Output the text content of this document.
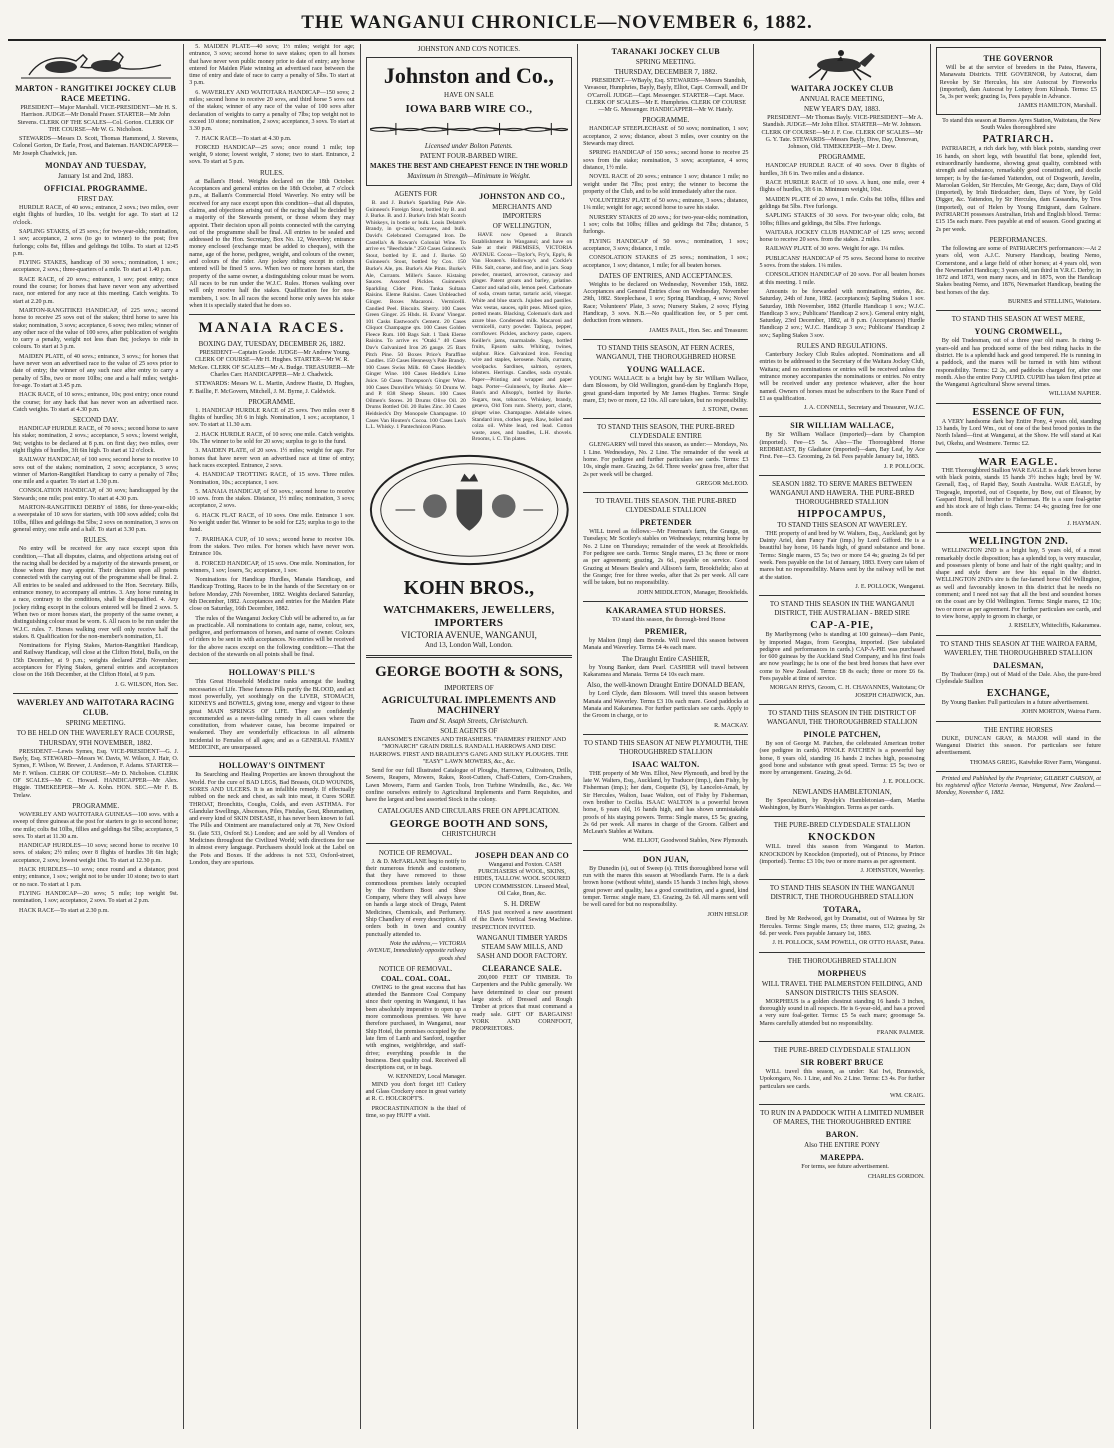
THE WANGANUI CHRONICLE—NOVEMBER 6, 1882.
MARTON - RANGITIKEI JOCKEY CLUB RACE MEETING.

PRESIDENT—Major Marshall. VICE-PRESIDENT—Mr H. S. Harrison. JUDGE—Mr Donald Fraser. STARTER—Mr John Stevens. CLERK OF THE SCALES—Col. Gorton. CLERK OF THE COURSE—Mr W. G. Nicholson.

STEWARDS—Messrs D. Scott, Thomas Hammond, J. Stevens, Colonel Gorton, Dr Earle, Frost, and Bateman. HANDICAPPER—Mr Joseph Chadwick, jun.

MONDAY AND TUESDAY,
January 1st and 2nd, 1883.
OFFICIAL PROGRAMME.
FIRST DAY.

HURDLE RACE, of 40 sovs.; entrance, 2 sovs.; two miles, over eight flights of hurdles, 10 lbs. weight for age. To start at 12 o'clock.

SAPLING STAKES, of 25 sovs.; for two-year-olds; nomination, 1 sov; acceptance, 2 sovs (to go to winner) to the post; five furlongs; colts 8st, fillies and geldings 8st 10lbs. To start at 12:45 p.m.

FLYING STAKES, handicap of 30 sovs.; nomination, 1 sov.; acceptance, 2 sovs.; three-quarters of a mile. To start at 1.40 p.m.

RACE RACE, of 20 sovs.; entrance, 1 sov; post entry; once round the course; for horses that have never won any advertised race, nor entered for any race at this meeting. Catch weights. To start at 2.20 p.m.

MARTON-RANGITIKEI HANDICAP, of 225 sovs.; second horse to receive 25 sovs out of the stakes; third horse to save his stake; nomination, 3 sovs; acceptance, 6 sovs; two miles; winner of any other race of the value of 100 sovs, after publication of weights to carry a penalty, weight not less than 8st; jockeys to ride in colours. To start at 3 p.m.

MAIDEN PLATE, of 40 sovs.; entrance, 3 sovs.; for horses that have never won an advertised race to the value of 25 sovs prior to date of entry; the winner of any such race after entry to carry a penalty of 5lbs, two or more 10lbs; one and a half miles; weight-for-age. To start at 3.45 p.m.

HACK RACE, of 10 sovs.; entrance, 10s; post entry; once round the course; for any hack that has never won an advertised race. Catch weights. To start at 4.30 p.m.

SECOND DAY.

HANDICAP HURDLE RACE, of 70 sovs.; second horse to save his stake; nomination, 2 sovs.; acceptance, 5 sovs.; lowest weight, 9st; weights to be declared at 8 p.m. on first day; two miles, over eight flights of hurdles, 3ft 6in high. To start at 12 o'clock.

RAILWAY HANDICAP, of 100 sovs; second horse to receive 10 sovs out of the stakes; nomination, 2 sovs; acceptance, 3 sovs; winner of Marton-Rangitikei Handicap to carry a penalty of 7lbs; one mile and a quarter. To start at 1.30 p.m.

CONSOLATION HANDICAP, of 30 sovs; handicapped by the Stewards; one mile; post entry. To start at 4.30 p.m.

MARTON-RANGITIKEI DERBY of 1886, for three-year-olds; a sweepstake of 10 sovs for starters, with 100 sovs added; colts 8st 10lbs, fillies and geldings 8st 5lbs; 2 sovs on nomination, 3 sovs on general entry; one mile and a half. To start at 3.30 p.m.

RULES.

No entry will be received for any race except upon this condition,—That all disputes, claims, and objections arising out of the racing shall be decided by a majority of the stewards present, or those whom they may appoint. Their decision upon all points connected with the carrying out of the programme shall be final. 2. All entries to be sealed and addressed to the Hon. Secretary. Bills, entrance money, to accompany all entries. 3. Any horse running in a race, contrary to the conditions, shall be disqualified. 4. Any jockey riding except in the colours entered will be fined 2 sovs. 5. When two or more horses start, the property of the same owner, a distinguishing colour must be worn. 6. All races to be run under the W.J.C. rules. 7. Horses walking over will only receive half the stakes. 8. Qualification for the non-member's nomination, £1.

Nominations for Flying Stakes, Marton-Rangitikei Handicap, and Railway Handicap, will close at the Clifton Hotel, Bulls, on the 15th December, at 9 p.m.; weights declared 25th November; acceptances for Flying Stakes, general entries and acceptances close on the 16th December, at the Clifton Hotel, at 9 p.m.

J. G. WILSON, Hon. Sec.
WAVERLEY AND WAITOTARA RACING CLUB.
SPRING MEETING.
TO BE HELD ON THE WAVERLEY RACE COURSE,
THURSDAY, 9TH NOVEMBER, 1882.

PRESIDENT—Lewis Symes, Esq. VICE-PRESIDENT—G. J. Bayly, Esq. STEWARD—Messrs W. Davis, W. Wilson, J. Hair, O. Symes, F. Wilson, W. Brewer, J. Anderson, F. Adams. STARTER—Mr F. Wilson. CLERK OF COURSE—Mr D. Nicholson. CLERK OF SCALES—Mr C. Howard. HANDICAPPER—Mr Alex. Higgie. TIMEKEEPER—Mr A. Kohn. HON. SEC.—Mr F. B. Trelaw.

PROGRAMME.

WAVERLEY AND WAITOTARA GUINEAS—100 sovs. with a sweep of three guineas at the post for starters to go to second horse; one mile; colts 8st 10lbs, fillies and geldings 8st 5lbs; acceptance, 5 sovs. To start at 11.30 a.m.

HANDICAP HURDLES—10 sovs; second horse to receive 10 sovs. of stakes; 2½ miles; over 8 flights of hurdles 3ft 6in high; acceptance, 2 sovs; lowest weight 10st. To start at 12.30 p.m.

HACK HURDLES—10 sovs; once round and a distance; post entry; entrance, 1 sov.; weight not to be under 10 stone; two to start or no race. To start at 1 p.m.

FLYING HANDICAP—20 sovs; 5 mile; top weight 9st. nomination, 1 sov; acceptance, 2 sovs. To start at 2 p.m.

HACK RACE—To start at 2.30 p.m.

5. MAIDEN PLATE—40 sovs; 1½ miles; weight for age; entrance, 3 sovs; second horse to save stakes; open to all horses that have never won public money prior to date of entry; any horse entered for Maiden Plate winning an advertised race between the time of entry and date of race to carry a penalty of 5lbs. To start at 3 p.m.

6. WAVERLEY AND WAITOTARA HANDICAP—150 sovs; 2 miles; second horse to receive 20 sovs, and third horse 5 sovs out of the stakes; winner of any race of the value of 100 sovs after declaration of weights to carry a penalty of 7lbs; top weight not to exceed 10 stone; nomination, 2 sovs; acceptance, 3 sovs. To start at 3.30 p.m.

7. HACK RACE—To start at 4.30 p.m.

FORCED HANDICAP—25 sovs; once round 1 mile; top weight, 9 stone; lowest weight, 7 stone; two to start. Entrance, 2 sovs. To start at 5 p.m.

RULES.

at Ballam's Hotel. Weights declared on the 18th October. Acceptances and general entries on the 18th October, at 7 o'clock p.m., at Ballam's Commercial Hotel Waverley. No entry will be received for any race except upon this condition—that all disputes, claims, and objections arising out of the racing shall be decided by a majority of the Stewards present, or those whom they may appoint. Their decision upon all points connected with the carrying out of the programme shall be final. All entries to be sealed and addressed to the Hon. Secretary, Box No. 12, Waverley; entrance money enclosed (exchange must be added to cheques), with the name, age of the horse, pedigree, weight, and colours of the owner, and colours of the rider. Any jockey riding except in colours entered will be fined 5 sovs. When two or more horses start, the property of the same owner, a distinguishing colour must be worn. All races to be run under the W.J.C. Rules. Horses walking over will only receive half the stakes. Qualification fee for non-members, 1 sov. In all races the second horse only saves his stake when it is specially stated that he does so.

MANAIA RACES.
BOXING DAY, TUESDAY, DECEMBER 26, 1882.

PRESIDENT—Captain Goode. JUDGE—Mr Andrew Young. CLERK OF COURSE—Mr H. Hughes. STARTER—Mr W. R. McKee. CLERK OF SCALES—Mr A. Budge. TREASURER—Mr Charles Carr. HANDICAPPER—Mr J. Chadwick.

STEWARDS: Messrs W. L. Martin, Andrew Hastie, D. Hughes, F. Baillie, F. McGovern, Mitchell, J. M. Byrne, J. Caldwick.

PROGRAMME.

1. HANDICAP HURDLE RACE of 25 sovs. Two miles over 8 flights of hurdles; 3ft 6 in high. Nomination, 1 sov.; acceptance, 1 sov. To start at 11.30 a.m.

2. HACK HURDLE RACE, of 10 sovs; one mile. Catch weights. 10s. The winner to be sold for 20 sovs; surplus to go to the fund.

3. MAIDEN PLATE, of 20 sovs. 1½ miles; weight for age. For horses that have never won an advertised race at time of entry; hack races excepted. Entrance, 2 sovs.

4. HANDICAP TROTTING RACE, of 15 sovs. Three miles. Nomination, 10s.; acceptance, 1 sov.

5. MANAIA HANDICAP, of 50 sovs.; second horse to receive 10 sovs. from the stakes. Distance, 1½ miles; nomination, 3 sovs; acceptance, 2 sovs.

6. HACK FLAT RACE, of 10 sovs. One mile. Entrance 1 sov. No weight under 8st. Winner to be sold for £25; surplus to go to the fund.

7. PARIHAKA CUP, of 10 sovs.; second horse to receive 10s. from the stakes. Two miles. For horses which have never won. Entrance 10s.

8. FORCED HANDICAP, of 15 sovs. One mile. Nomination, for winners, 1 sov; losers, 5s; acceptance, 1 sov.

Nominations for Handicap Hurdles, Manaia Handicap, and Handicap Trotting, Races to be in the hands of the Secretary on or before Monday, 27th November, 1882. Weights declared Saturday, 9th December, 1882. Acceptances and entries for the Maiden Plate close on Saturday, 16th December, 1882.

The rules of the Wanganui Jockey Club will be adhered to, as far as practicable. All nominations to contain age, name, colour, sex, pedigree, and performances of horses, and name of owner. Colours of riders to be sent in with acceptances. No entries will be received for the above races except on the following condition:—That the decision of the stewards on all points shall be final.

HOLLOWAY'S PILL'S

This Great Household Medicine ranks amongst the leading necessaries of Life. These famous Pills purify the BLOOD, and act most powerfully, yet soothingly on the LIVER, STOMACH, KIDNEYS and BOWELS, giving tone, energy and vigour to these great MAIN SPRINGS OF LIFE. They are confidently recommended as a never-failing remedy in all cases where the constitution, from whatever cause, has become impaired or weakened. They are wonderfully efficacious in all ailments incidental to Females of all ages; and as a GENERAL FAMILY MEDICINE, are unsurpassed.

HOLLOWAY'S OINTMENT

Its Searching and Healing Properties are known throughout the World. For the cure of BAD LEGS, Bad Breasts, OLD WOUNDS, SORES AND ULCERS. It is an infallible remedy. If effectually rubbed on the neck and chest, as salt into meat, it Cures SORE THROAT, Bronchitis, Coughs, Colds, and even ASTHMA. For Glandular Swellings, Abscesses, Piles, Fistulas, Gout, Rheumatism, and every kind of SKIN DISEASE, it has never been known to fail. The Pills and Ointment are manufactured only at 78, New Oxford St. (late 533, Oxford St.) London; and are sold by all Vendors of Medicines throughout the Civilized World; with directions for use in almost every language. Purchasers should look at the Label on the Pots and Boxes. If the address is not 533, Oxford-street, London, they are spurious.

JOHNSTON AND CO'S NOTICES.
Johnston and Co.,
HAVE ON SALE
IOWA BARB WIRE CO.,
Licensed under Bolton Patents.
PATENT FOUR-BARBED WIRE.
MAKES THE BEST AND CHEAPEST FENCE IN THE WORLD
Maximum in Strength—Minimum in Weight.
AGENTS FOR

B. and J. Burke's Sparkling Pale Ale. Guinness's Foreign Stout, bottled by B. and J. Burke. B. and J. Burke's Irish Malt Scotch Whiskeys, in bottle or bulk. Louis Delatre's Brandy, in qr-casks, octaves, and bulk. David's Celebrated Corrugated Iron. De Castella's & Rowan's Colonial Wine. To arrive ex "Beechdale." 250 Cases Guinness's Stout, bottled by E. and J. Burke. 50 Guinness's Stout, bottled by Cox. 150 Burke's Ale, pts. Burke's Ale Pints. Burke's Ale, Currants. Miller's Sauce. Kistaing Sauces. Assorted Pickles. Guinness's Sparkling Cider Pints. Tanka Sultana Raisins. Eleme Raisins. Cases Unbleached Ginger. Boxes Macaroni. Vermicelli. Candied Peel. Biscuits. Sherry. 100 Cases Green Ginger. 25 Hhds. H. Evans' Vinegar. 101 Casks Eastwood's Cement. 20 Cases Cliquot Champagne qts. 100 Cases Golden Fleece Rum. 100 Bags Salt. 1 Tank Eleme Raisins. To arrive ex "Otaki." 40 Cases Dav's Galvanized Iron 26 gauge. 25 Bars Pitch Pine. 50 Boxes Price's Paraffine Candles. 150 Cases Hennessy's Pale Brandy. 100 Cases Swiss Milk. 60 Cases Heddle's Ginger Wine. 100 Cases Heddle's Lime Juice. 50 Cases Thompson's Ginger Wine. 100 Cases Dunville's Whisky. 50 Drums W. and P. 838 Sheep Shears. 100 Cases Oilmen's Stores. 20 Drums Olive Oil. 20 Drums Bottled Oil. 20 Bales Zinc. 30 Cases Heidsieck's Dry Monopole Champagne. 10 Cases Van Houten's Cocoa. 100 Cases Lea's L.L. Whisky. 1 Pantechnicon Piano.

JOHNSTON AND CO.,
MERCHANTS AND IMPORTERS
OF WELLINGTON,

HAVE now Opened a Branch Establishment in Wanganui; and have on Sale at their PREMISES, VICTORIA AVENUE. Cocoa—Taylor's, Fry's, Epp's, & Van Houten's. Holloway's and Cockle's Pills. Salt, coarse, and fine, and in jars. Soap powder, mustard, arrowroot, caraway and ginger. Patent groats and barley, gelatine. Castor and salad oils, lemon peel. Carbonate of soda, cream tartar, tartaric acid, vinegar. White and blue starch. Jujubes and pastiles. Wax vestas, sauces, split peas. Mixed spice, potted meats. Blacking, Coleman's dark and azure blue. Condensed milk. Macaroni and vermicelli, curry powder. Tapioca, pepper, cornflower. Pickles, anchovy paste, capers. Keiller's jams, marmalade. Sago, bottled fruits, Epsom salts. Whiting, twines, sulphur. Rice. Galvanized iron. Fencing wire and staples, kerosene. Nails, currants, woolpacks. Sardines, salmon, oysters, lobsters. Herrings. Candles, soda crystals. Paper—Printing and wrapper and paper bags. Porter—Guinness's, by Burke. Ale—Bass's and Allsopp's, bottled by Burke. Sugars, teas, tobaccos. Whiskey, brandy, geneva, Old Tom rum. Sherry, port, claret, ginger wine. Champagne. Adelaide wines. Standard iron, clothes pegs. Raw, boiled and colza oil. White lead, red lead. Cotton waste, axes, and handles, L.H. shovels. Brooms, i. C. Tin plates.

KOHN BROS.,
WATCHMAKERS, JEWELLERS, IMPORTERS
VICTORIA AVENUE, WANGANUI,
And 13, London Wall, London.
GEORGE BOOTH & SONS,
IMPORTERS OF
AGRICULTURAL IMPLEMENTS AND MACHINERY
Tuam and St. Asaph Streets, Christchurch.
SOLE AGENTS OF

RANSOME'S ENGINES AND THRASHERS. "FARMERS' FRIEND" AND "MONARCH" GRAIN DRILLS. RANDALL HARROWS AND DISC HARROWS. FIRST AND BRADLEY'S GANG AND SULKY PLOUGHS. THE "EASY" LAWN MOWERS, &c., &c.

Send for our full Illustrated Catalogue of Ploughs, Harrows, Cultivators, Drills, Sowers, Reapers, Mowers, Rakes, Root-Cutters, Chaff-Cutters, Corn-Crushers, Lawn Mowers, Farm and Garden Tools, Iron Turbine Windmills, &c., &c. We confine ourselves entirely to Agricultural Implements and Farm Requisites, and have the largest and best assorted Stock in the colony.

CATALOGUES AND CIRCULARS FREE ON APPLICATION.
GEORGE BOOTH AND SONS,
CHRISTCHURCH
NOTICE OF REMOVAL.

J. & D. McFARLANE beg to notify to their numerous friends and customers, that they have removed to those commodious premises lately occupied by the Northern Boot and Shoe Company, where they will always have on hands a large stock of Drugs, Patent Medicines, Chemicals, and Perfumery. Ship Chandlery of every description. All orders both in town and country punctually attended to.

Note the address,— VICTORIA AVENUE, Immediately opposite railway goods shed

NOTICE OF REMOVAL.
COAL. COAL. COAL.

OWING to the great success that has attended the Banmore Coal Company since their opening in Wanganui, it has been absolutely imperative to open up a more commodious premises. We have therefore purchased, in Wanganui, near Ship Hotel, the premises occupied by the late firm of Lamb and Sanford, together with engines, weighbridge, and staff-drive; everything possible in the business. Best quality coal. Received all descriptions cut, or in bags.

W. KENNEDY, Local Manager.

MIND you don't forget it!! Cutlery and Glass Crockery once in great variety at R. C. HOLCROFT'S.

PROCRASTINATION is the thief of time, so pay HUFF a visit.

JOSEPH DEAN AND CO

Wanganui and Foxton. CASH PURCHASERS of WOOL, SKINS, HIDES, TALLOW. WOOL SCOURED UPON COMMISSION. Linseed Meal, Oil Cake, Bran, &c.

S. H. DREW

HAS just received a new assortment of the Davis Vertical Sewing Machine. INSPECTION INVITED.

WANGANUI TIMBER YARDS STEAM SAW MILLS, AND SASH AND DOOR FACTORY.
CLEARANCE SALE.

200,000 FEET OF TIMBER. To Carpenters and the Public generally. We have determined to clear our present large stock of Dressed and Rough Timber at prices that must command a ready sale. GIFT OF BARGAINS! YORK AND CORNFOOT, PROPRIETORS.

TARANAKI JOCKEY CLUB
SPRING MEETING.
THURSDAY, DECEMBER 7, 1882.

PRESIDENT.—WBayly, Esq. STEWARDS—Messrs Standish, Vavasour, Humphries, Bayly, Bayly, Elliot, Capt. Cornwall, and Dr O'Carroll. JUDGE—Capt. Messenger. STARTER—Capt. Mace. CLERK OF SCALES—Mr E. Humphries. CLERK OF COURSE—Mr G. Messenger. HANDICAPPER—Mr W. Hately.

PROGRAMME.

HANDICAP STEEPLECHASE of 50 sovs; nomination, 1 sov; acceptance, 2 sovs; distance, about 3 miles, over country on the Stewards may direct.

SPRING HANDICAP of 150 sovs.; second horse to receive 25 sovs from the stake; nomination, 3 sovs; acceptance, 4 sovs; distance, 1½ mile.

NOVEL RACE of 20 sovs.; entrance 1 sov; distance 1 mile; no weight under 8st 7lbs; post entry; the winner to become the property of the Club, and to be sold immediately after the race.

VOLUNTEERS' PLATE of 50 sovs.; entrance, 3 sovs.; distance, 1¼ mile; weight for age; second horse to save his stake.

NURSERY STAKES of 20 sovs.; for two-year-olds; nomination, 1 sov; colts 8st 10lbs; fillies and geldings 8st 7lbs; distance, 5 furlongs.

FLYING HANDICAP of 50 sovs.; nomination, 1 sov.; acceptance, 3 sovs; distance, 1 mile.

CONSOLATION STAKES of 25 sovs.; nomination, 1 sov.; acceptance, 1 sov; distance, 1 mile; for all beaten horses.

DATES OF ENTRIES, AND ACCEPTANCES.

Weights to be declared on Wednesday, November 15th, 1882. Acceptances and General Entries close on Wednesday, November 29th, 1882. Steeplechase, 1 sov; Spring Handicap, 4 sovs; Novel Race; Volunteers' Plate, 3 sovs; Nursery Stakes, 2 sovs; Flying Handicap, 3 sovs. N.B.—No qualification fee, or 5 per cent. deduction from winners.

JAMES PAUL, Hon. Sec. and Treasurer.
TO STAND THIS SEASON, AT FERN ACRES, WANGANUI, THE THOROUGHBRED HORSE
YOUNG WALLACE.

YOUNG WALLACE is a bright bay by Sir William Wallace, dam Blossom, by Old Wellington, grand-dam by England's Hope, great grand-dam imported by Mr James Hughes. Terms: Single mare, £3; two or more, £2 10s. All care taken, but no responsibility.

J. STONE, Owner.
TO STAND THIS SEASON, THE PURE-BRED CLYDESDALE ENTIRE

GLENGARRY will travel this season, as under:— Mondays, No. 1 Line. Wednesdays, No. 2 Line. The remainder of the week at home. For pedigree and further particulars see cards. Terms: £3 10s, single mare. Grazing, 2s 6d. Three weeks' grass free, after that 2s per week will be charged.

GREGOR McLEOD.
TO TRAVEL THIS SEASON. THE PURE-BRED CLYDESDALE STALLION
PRETENDER

WILL travel as follows:—Mr Freeman's farm, the Grange, on Tuesdays; Mr Scotley's stables on Wednesdays; returning home by No. 2 Line on Thursdays; remainder of the week at Brookfields. For pedigree see cards. Terms: Single mares, £3 3s; three or more as per agreement; grazing, 2s 6d., payable on service. Good Grazing at Messrs Beale's and Allison's farm, Brookfields; also at the Grange; free for three weeks, after that 2s per week. All care will be taken, but no responsibility.

JOHN MIDDLETON, Manager, Brookfields.
KAKARAMEA STUD HORSES.

TO stand this season, the thorough-bred Horse

PREMIER,

by Malton (imp) dam Brenda. Will travel this season between Manaia and Waverley. Terms £4 4s each mare.

The Draught Entire CASHIER,

by Young Banker, dam Pearl. CASHIER will travel between Kakaramea and Manaia. Terms £4 10s each mare.

Also, the well-known Draught Entire DONALD BEAN,

by Lord Clyde, dam Blossom. Will travel this season between Manaia and Waverley. Terms £3 10s each mare. Good paddocks at Manaia and Kakaramea. For further particulars see cards. Apply to the Groom in charge, or to

R. MACKAY.
TO STAND THIS SEASON AT NEW PLYMOUTH, THE THOROUGHBRED STALLION
ISAAC WALTON.

THE property of Mr Wm. Elliot, New Plymouth, and bred by the late W. Walters, Esq., Auckland, by Traducer (imp.), dam Fishy, by Fisherman (imp.); her dam, Coquette (S), by Lancelot-Amah, by Sir Hercules, Walton, Isaac Walton, out of Fishy by Fisherman, own brother to Cecilia. ISAAC WALTON is a powerful brown horse, 6 years old, 16 hands high, and has shown unmistakable proofs of his staying powers. Terms: Single mares, £5 5s; grazing, 2s 6d per week. All mares in charge of the Groom. Gilbert and McLean's Stables at Waitara.

WM. ELLIOT, Goodwood Stables, New Plymouth.
DON JUAN,

By Dunedin (s), out of Sweep (s). THIS thoroughbred horse will run with the mares this season at Woodlands Farm. He is a dark brown horse (without white), stands 15 hands 3 inches high, shows great power and quality, has a good constitution, and a grand, kind temper. Terms: single mare, £3. Grazing, 2s 6d. All mares sent will be well cared for but no responsibility.

JOHN HESLOP.
WAITARA JOCKEY CLUB
ANNUAL RACE MEETING,
NEW YEAR'S DAY, 1883.

PRESIDENT—Mr Thomas Bayly. VICE-PRESIDENT—Mr A. Standish. JUDGE—Mr John Elliot. STARTER—Mr W. Johnson. CLERK OF COURSE—Mr J. F. Coe. CLERK OF SCALES—Mr G. Y. Tate. STEWARDS—Messrs Bayly, Dive, Day, Donovan, Johnson, Old. TIMEKEEPER—Mr J. Drew.

PROGRAMME.

HANDICAP HURDLE RACE of 40 sovs. Over 8 flights of hurdles, 3ft 6 in. Two miles and a distance.

RACE HURDLE RACE of 10 sovs. A hunt, one mile, over 4 flights of hurdles, 3ft 6 in. Minimum weight, 10st.

MAIDEN PLATE of 20 sovs, 1 mile. Colts 8st 10lbs, fillies and geldings 8st 5lbs. Five furlongs.

SAPLING STAKES of 30 sovs. For two-year olds; colts, 8st 10lbs; fillies and geldings, 8st 5lbs. Five furlongs.

WAITARA JOCKEY CLUB HANDICAP of 125 sovs; second horse to receive 20 sovs. from the stakes. 2 miles.

RAILWAY PLATE of 30 sovs. Weight for age. 1¼ miles.

PUBLICANS' HANDICAP of 75 sovs. Second horse to receive 5 sovs. from the stakes. 1¼ miles.

CONSOLATION HANDICAP of 20 sovs. For all beaten horses at this meeting. 1 mile.

Amounts to be forwarded with nominations, entries, &c. Saturday, 24th of June, 1882. (acceptances); Sapling Stakes 1 sov. Saturday, 18th November, 1882 (Hurdle Handicap 1 sov.; W.J.C. Handicap 3 sov.; Publicans' Handicap 2 sov.). General entry night, Saturday, 23rd December, 1882, at 8 p.m. (Acceptances) Hurdle Handicap 2 sov.; W.J.C. Handicap 3 sov.; Publicans' Handicap 2 sov.; Sapling Stakes 3 sov.

RULES AND REGULATIONS.

Canterbury Jockey Club Rules adopted. Nominations and all entries to be addressed to the Secretary of the Waitara Jockey Club, Waitara; and no nominations or entries will be received unless the entrance money accompanies the nominations or entries. No entry will be received under any pretence whatever, after the hour named. Owners of horses must be subscribers to the Race Fund of £1 as qualification.

J. A. CONNELL, Secretary and Treasurer, W.J.C.
SIR WILLIAM WALLACE,

By Sir William Wallace (imported)—dam by Champion (imported). Fee—£5 5s. Also—The Thoroughbred Horse REDBREAST, By Gladiator (imported)—dam, Bay Leaf, by Ace First. Fee—£3. Grooming, 2s 6d. Fees payable January 1st, 1883.

J. P. POLLOCK.
SEASON 1882. TO SERVE MARES BETWEEN WANGANUI AND HAWERA. THE PURE-BRED THOROUGHBRED STALLION
HIPPOCAMPUS,
TO STAND THIS SEASON AT WAVERLEY.

THE property of and bred by W. Walters, Esq., Auckland; got by Dainty Ariel, dam Fancy Fair (imp.) by Lord Gifford. He is a beautiful bay horse, 16 hands high, of grand substance and bone. Terms: Single mares, £5 5s; two or more £4 4s; grazing 2s 6d per week. Fees payable on the 1st of January, 1883. Every care taken of mares but no responsibility. Mares sent by the railway will be met at the station.

J. E. POLLOCK, Wanganui.
TO STAND THIS SEASON IN THE WANGANUI DISTRICT, THE AUSTRALIAN - BRED SIRE
CAP-A-PIE,

By Maribyrnong (who is standing at 100 guineas)—dam Panic, by imported Magus, from Georgina, imported. (See tabulated pedigree and performances in cards.) CAP-A-PIE was purchased for 600 guineas by the Auckland Stud Company, and his first foals are now yearlings; he is one of the best bred horses that have ever come to New Zealand. Terms: £8 8s each; three or more £6 6s. Fees payable at time of service.

MORGAN RHYS, Groom, C. H. CHAVANNES, Waitotara; Or JOSEPH CHADWICK, Jun.
TO STAND THIS SEASON IN THE DISTRICT OF WANGANUI, THE THOROUGHBRED STALLION
PINOLE PATCHEN,

By son of George M. Patchen, the celebrated American trotter (see pedigree in cards). PINOLE PATCHEN is a powerful bay horse, 8 years old, standing 16 hands 2 inches high, possessing good bone and substance with great speed. Terms: £5 5s; two or more by arrangement. Grazing, 2s 6d.

J. E. POLLOCK.
NEWLANDS HAMBLETONIAN,

By Speculation, by Rysdyk's Hambletonian—dam, Martha Washington, by Burr's Washington. Terms as per cards.

THE PURE-BRED CLYDESDALE STALLION
KNOCKDON

WILL travel this season from Wanganui to Marton. KNOCKDON by Knockdon (imported), out of Princess, by Prince (imported). Terms: £3 10s; two or more mares as per agreement.

J. JOHNSTON, Waverley.
TO STAND THIS SEASON IN THE WANGANUI DISTRICT, THE THOROUGHBRED STALLION
TOTARA,

Bred by Mr Redwood, got by Dramatist, out of Waimea by Sir Hercules. Terms: Single mares, £5; three mares, £12; grazing, 2s 6d. per week. Fees payable January 1st, 1883.

J. H. POLLOCK, SAM POWELL, OR OTTO HAASE, Patea.
THE THOROUGHBRED STALLION
MORPHEUS
WILL TRAVEL THE PALMERSTON FEILDING, AND SANSON DISTRICTS THIS SEASON.

MORPHEUS is a golden chestnut standing 16 hands 3 inches, thoroughly sound in all respects. He is 6-year-old, and has a proved a very sure foal-getter. Terms: £5 5s each mare; groomage 5s. Mares carefully attended but no responsibility.

FRANK PALMER.
THE PURE-BRED CLYDESDALE STALLION
SIR ROBERT BRUCE

WILL travel this season, as under: Kai Iwi, Brunswick, Upokongaro, No. 1 Line, and No. 2 Line. Terms: £3 4s. For further particulars see cards.

WM. CRAIG.
TO RUN IN A PADDOCK WITH A LIMITED NUMBER OF MARES, THE THOROUGHBRED ENTIRE
BARON.
Also THE ENTIRE PONY
MAREPPA.

For terms, see future advertisement.

CHARLES GORDON.
THE GOVERNOR

Will be at the service of breeders in the Patea, Hawera, Manawatu Districts. THE GOVERNOR, by Autocrat, dam Revoke by Sir Hercules, his sire Autocrat by Fireworks (imported), dam Autocrat by Lottery from Kilrush. Terms: £5 5s, 3s per week; grazing 1s, Fees payable in Advance.

JAMES HAMILTON, Marshall.

To stand this season at Buenos Ayres Station, Waitotara, the New South Wales thoroughbred sire

PATRIARCH.

PATRIARCH, a rich dark bay, with black points, standing over 16 hands, on short legs, with beautiful flat bone, splendid feet, extraordinarily handsome, showing great quality, combined with strength and substance, remarkably good constitution, and docile temper; is by the far-famed Yattendon, out of Dogworth, Javelin, Maroolan Golden, Sir Hercules, Mr George, &c; dam, Days of Old (imported), by Irish Birdcatcher; dam, Days of Yore, by Gold Digger, &c. Yattendon, by Sir Hercules, dam Cassandra, by Tros (imported), out of Helen by Young Emigrant, dam Gulnare. PATRIARCH possesses Australian, Irish and English blood. Terms: £15 15s each mare. Fees payable at end of season. Good grazing at 2s per week.

PERFORMANCES.

The following are some of PATRIARCH'S performances:—At 2 years old, won A.J.C. Nursery Handicap, beating Nemo, Cornerstone, and a large field of other horses; at 4 years old, won the Newmarket Handicap; 3 years old, ran third in V.R.C. Derby; in 1872 and 1873, won many races, and in 1875, won the Handicap Stakes beating Nemo, and 1876, Newmarket Handicap, beating the best horses of the day.

BURNES and STELLING, Waitotara.
TO STAND THIS SEASON AT WEST MERE,
YOUNG CROMWELL,

By old Tradesman, out of a three year old mare. Is rising 9-years-old and has produced some of the best riding hacks in the district. He is a splendid hack and good tempered. He is running in a paddock, and the mares will be turned in with him without responsibility. Terms: £2 2s, and paddocks charged for, after one month. Also the entire Pony CUPID. CUPID has taken first prize at the Wanganui Agricultural Show several times.

WILLIAM NAPIER.
ESSENCE OF FUN,

A VERY handsome dark bay Entire Pony, 4 years old, standing 13 hands, by Lord Wm., out of one of the best brood ponies in the North Island—first at Wanganui, at the Show. He will stand at Kai Iwi, Okehu, and Westmere. Terms: £2.

WAR EAGLE.

THE Thoroughbred Stallion WAR EAGLE is a dark brown horse with black points, stands 15 hands 3½ inches high; bred by W. Grenall, Esq., of Rapid Bay, South Australia. WAR EAGLE, by Tregeagle, imported, out of Coquette, by Bow, out of Eleanor, by Gaspard Brosi, full brother to Fisherman. He is a sure foal-getter and his stock are of high class. Terms: £4 4s; grazing free for one month.

J. HAYMAN.
WELLINGTON 2ND.

WELLINGTON 2ND is a bright bay, 5 years old, of a most remarkably docile disposition; has a splendid top, is very muscular, and possesses plenty of bone and hair of the right quality; and in shape and style there are few his equal in the district. WELLINGTON 2ND's sire is the far-famed horse Old Wellington, as well and favourably known in this district that he needs no comment; and I need not say that all the best and soundest horses on the coast are by Old Wellington. Terms: Single mares, £2 10s; two or more as per agreement. For further particulars see cards, and to view horse, apply to groom in charge, or

J. RISELEY, Whitecliffs, Kakaramea.
TO STAND THIS SEASON AT THE WAIROA FARM, WAVERLEY, THE THOROUGHBRED STALLION
DALESMAN,

By Traducer (imp.) out of Maid of the Dale. Also, the pure-bred Clydesdale Stallion

EXCHANGE,

By Young Banker. Full particulars in a future advertisement.

JOHN MORTON, Wairoa Farm.
THE ENTIRE HORSES

DUKE, DUNCAN GRAY, & MAJOR will stand in the Wanganui District this season. For particulars see future advertisement.

THOMAS GREIG, Kaiwhike River Farm, Wanganui.

Printed and Published by the Proprietor, GILBERT CARSON, at his registered office Victoria Avenue, Wanganui, New Zealand.—Monday, November 6, 1882.
